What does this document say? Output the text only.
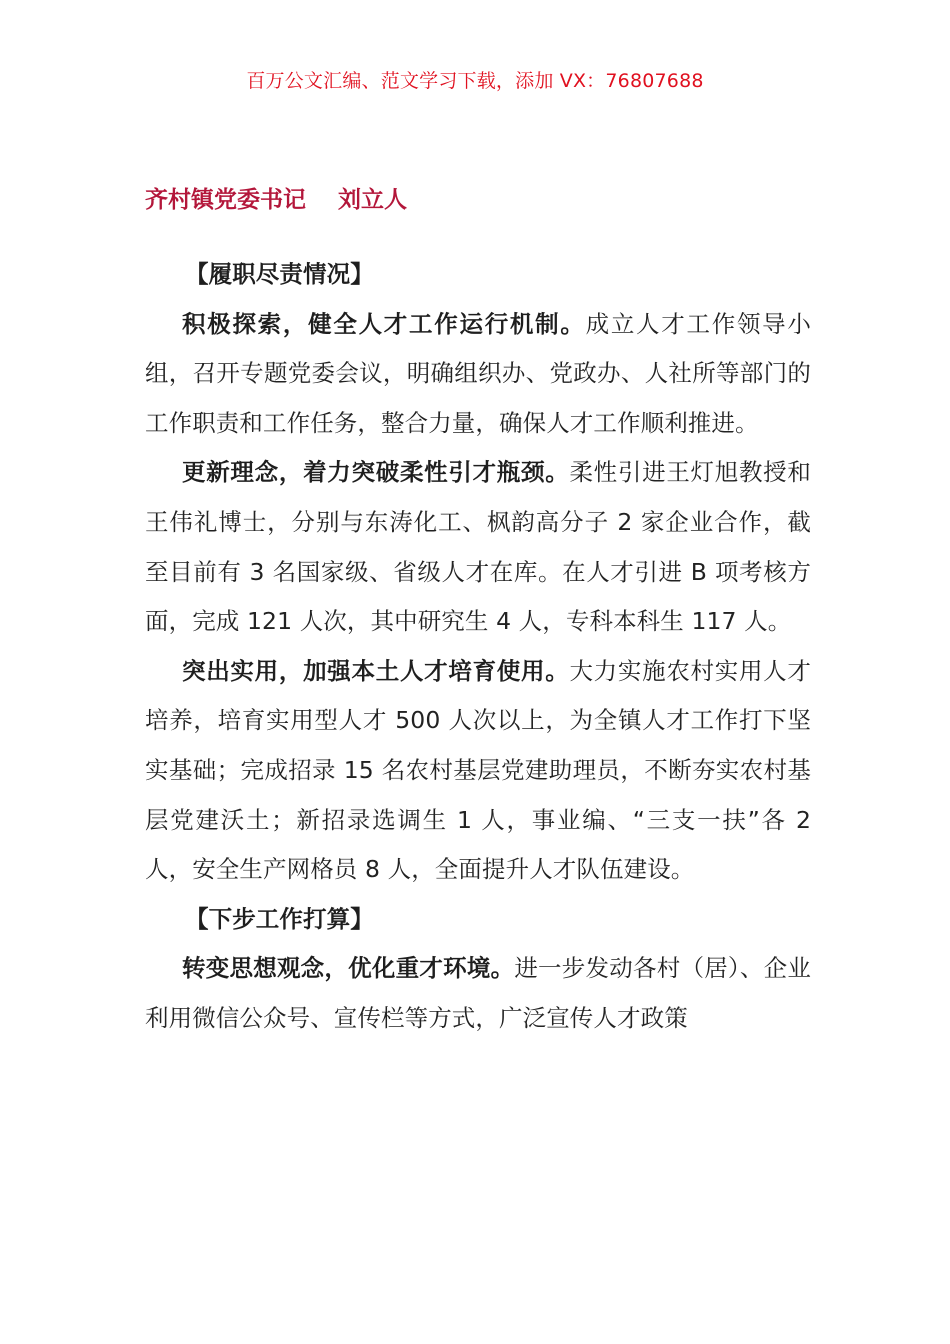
百万公文汇编、范文学习下载，添加 VX：76807688
齐村镇党委书记    刘立人

【履职尽责情况】

积极探索，健全人才工作运行机制。成立人才工作领导小组，召开专题党委会议，明确组织办、党政办、人社所等部门的工作职责和工作任务，整合力量，确保人才工作顺利推进。

更新理念，着力突破柔性引才瓶颈。柔性引进王灯旭教授和王伟礼博士，分别与东涛化工、枫韵高分子 2 家企业合作，截至目前有 3 名国家级、省级人才在库。在人才引进 B 项考核方面，完成 121 人次，其中研究生 4 人，专科本科生 117 人。

突出实用，加强本土人才培育使用。大力实施农村实用人才培养，培育实用型人才 500 人次以上，为全镇人才工作打下坚实基础；完成招录 15 名农村基层党建助理员，不断夯实农村基层党建沃土；新招录选调生 1 人，事业编、“三支一扶”各 2 人，安全生产网格员 8 人，全面提升人才队伍建设。

【下步工作打算】

转变思想观念，优化重才环境。进一步发动各村（居）、企业利用微信公众号、宣传栏等方式，广泛宣传人才政策
